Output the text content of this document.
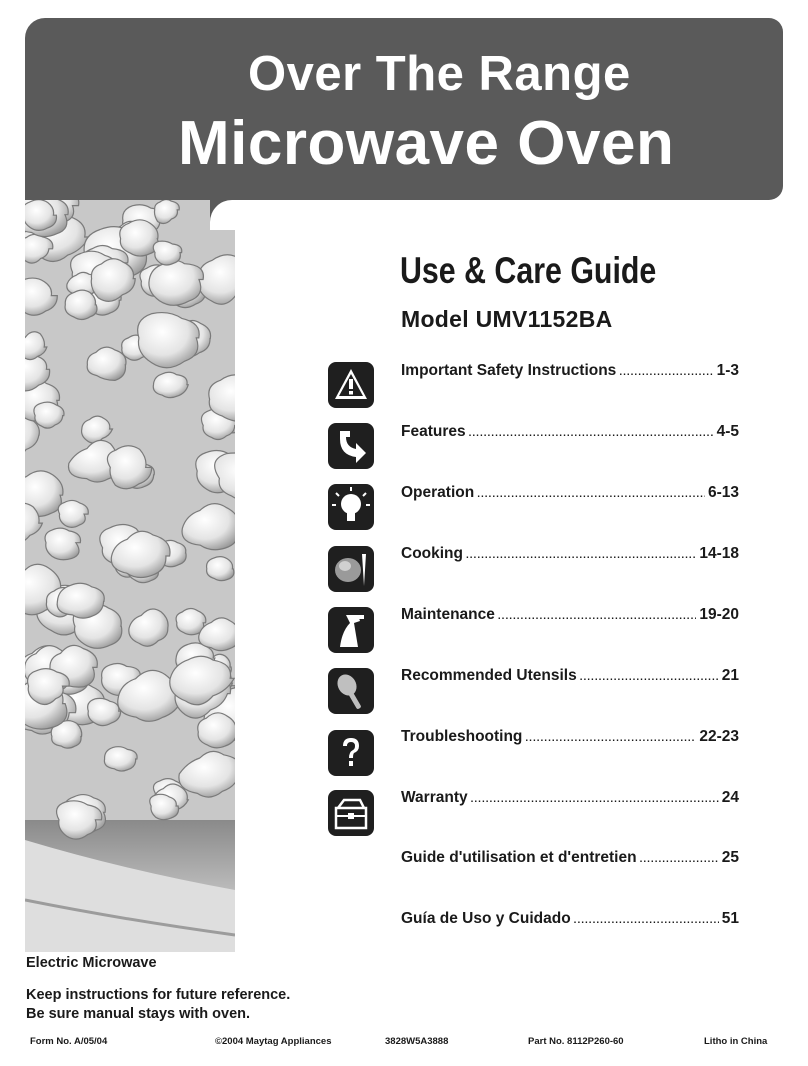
Over The Range
Microwave Oven
Use & Care Guide
Model UMV1152BA
Important Safety Instructions .....	1-3
Features .....	4-5
Operation .....	6-13
Cooking .....	14-18
Maintenance .....	19-20
Recommended Utensils .....	21
Troubleshooting .....	22-23
Warranty .....	24
Guide d'utilisation et d'entretien .....	25
Guía de Uso y Cuidado .....	51
Electric Microwave
Keep instructions for future reference.
Be sure manual stays with oven.
Form No. A/05/04	©2004 Maytag Appliances	3828W5A3888	Part No. 8112P260-60	Litho in China
